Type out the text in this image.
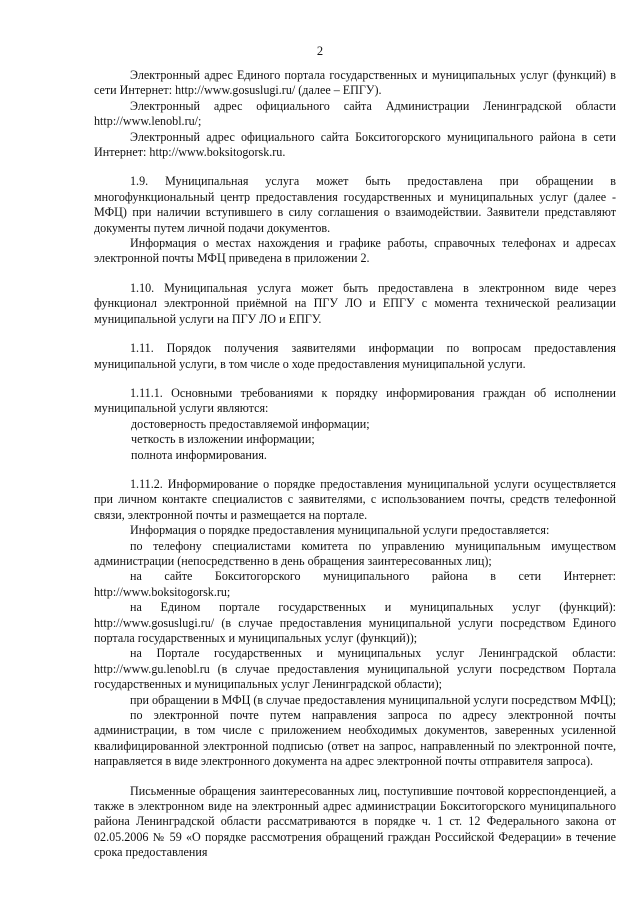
2

Электронный адрес Единого портала государственных и муниципальных услуг (функций) в сети Интернет: http://www.gosuslugi.ru/ (далее – ЕПГУ).

Электронный адрес официального сайта Администрации Ленинградской области http://www.lenobl.ru/;

Электронный адрес официального сайта Бокситогорского муниципального района в сети Интернет: http://www.boksitogorsk.ru.

1.9. Муниципальная услуга может быть предоставлена при обращении в многофункциональный центр предоставления государственных и муниципальных услуг (далее - МФЦ) при наличии вступившего в силу соглашения о взаимодействии. Заявители представляют документы путем личной подачи документов.

Информация о местах нахождения и графике работы, справочных телефонах и адресах электронной почты МФЦ приведена в приложении 2.

1.10. Муниципальная услуга может быть предоставлена в электронном виде через функционал электронной приёмной на ПГУ ЛО и ЕПГУ с момента технической реализации муниципальной услуги на ПГУ ЛО и ЕПГУ.

1.11. Порядок получения заявителями информации по вопросам предоставления муниципальной услуги, в том числе о ходе предоставления муниципальной услуги.

1.11.1. Основными требованиями к порядку информирования граждан об исполнении муниципальной услуги являются:

достоверность предоставляемой информации;

четкость в изложении информации;

полнота информирования.

1.11.2. Информирование о порядке предоставления муниципальной услуги осуществляется при личном контакте специалистов с заявителями, с использованием почты, средств телефонной связи, электронной почты и размещается на портале.

Информация о порядке предоставления муниципальной услуги предоставляется:

по телефону специалистами комитета по управлению муниципальным имуществом администрации (непосредственно в день обращения заинтересованных лиц);

на сайте Бокситогорского муниципального района в сети Интернет: http://www.boksitogorsk.ru;

на Едином портале государственных и муниципальных услуг (функций): http://www.gosuslugi.ru/ (в случае предоставления муниципальной услуги посредством Единого портала государственных и муниципальных услуг (функций));

на Портале государственных и муниципальных услуг Ленинградской области: http://www.gu.lenobl.ru (в случае предоставления муниципальной услуги посредством Портала государственных и муниципальных услуг Ленинградской области);

при обращении в МФЦ (в случае предоставления муниципальной услуги посредством МФЦ);

по электронной почте путем направления запроса по адресу электронной почты администрации, в том числе с приложением необходимых документов, заверенных усиленной квалифицированной электронной подписью (ответ на запрос, направленный по электронной почте, направляется в виде электронного документа на адрес электронной почты отправителя запроса).

Письменные обращения заинтересованных лиц, поступившие почтовой корреспонденцией, а также в электронном виде на электронный адрес администрации Бокситогорского муниципального района Ленинградской области рассматриваются в порядке ч. 1 ст. 12 Федерального закона от 02.05.2006 № 59 «О порядке рассмотрения обращений граждан Российской Федерации» в течение срока предоставления
